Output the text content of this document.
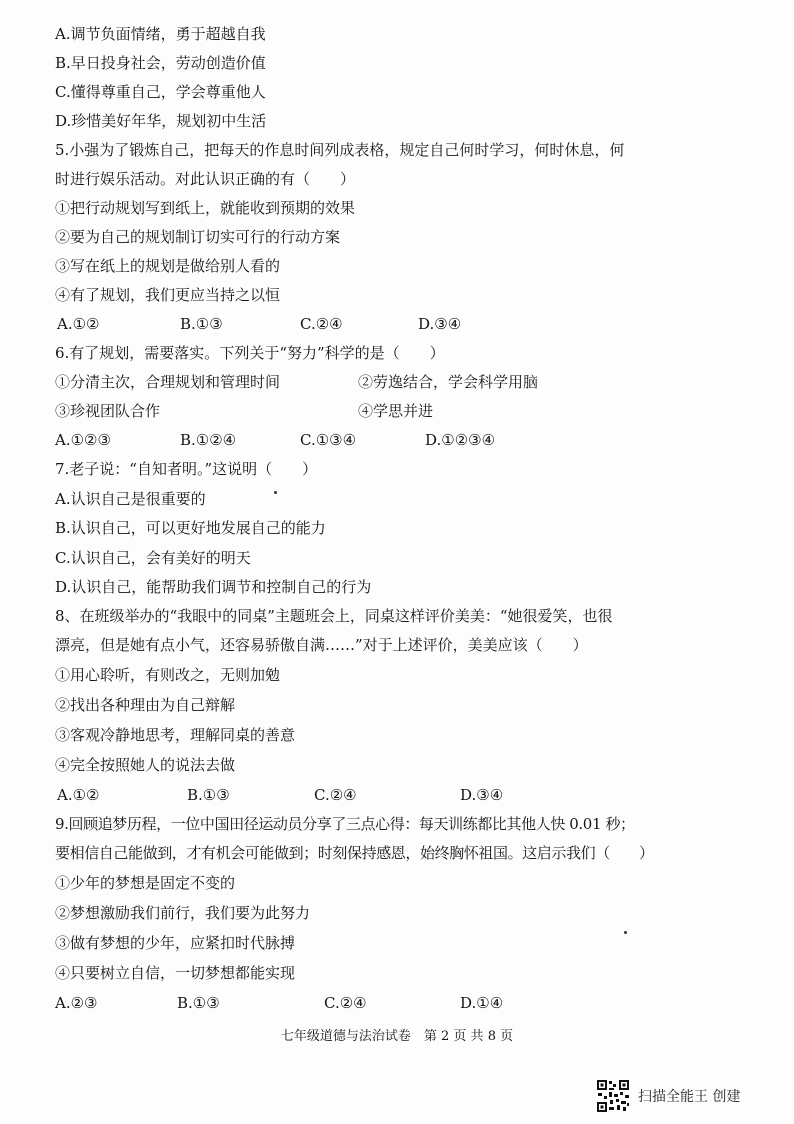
A.调节负面情绪，勇于超越自我
B.早日投身社会，劳动创造价值
C.懂得尊重自己，学会尊重他人
D.珍惜美好年华，规划初中生活
5.小强为了锻炼自己，把每天的作息时间列成表格，规定自己何时学习，何时休息，何
时进行娱乐活动。对此认识正确的有（　　）
①把行动规划写到纸上，就能收到预期的效果
②要为自己的规划制订切实可行的行动方案
③写在纸上的规划是做给别人看的
④有了规划，我们更应当持之以恒
A.①②	B.①③	C.②④	D.③④
6.有了规划，需要落实。下列关于“努力”科学的是（　　）
①分清主次，合理规划和管理时间	②劳逸结合，学会科学用脑
③珍视团队合作	④学思并进
A.①②③	B.①②④	C.①③④	D.①②③④
7.老子说：“自知者明。”这说明（　　）
A.认识自己是很重要的
B.认识自己，可以更好地发展自己的能力
C.认识自己，会有美好的明天
D.认识自己，能帮助我们调节和控制自己的行为
8、在班级举办的“我眼中的同桌”主题班会上，同桌这样评价美美：“她很爱笑，也很
漂亮，但是她有点小气，还容易骄傲自满……”对于上述评价，美美应该（　　）
①用心聆听，有则改之，无则加勉
②找出各种理由为自己辩解
③客观冷静地思考，理解同桌的善意
④完全按照她人的说法去做
A.①②	B.①③	C.②④	D.③④
9.回顾追梦历程，一位中国田径运动员分享了三点心得：每天训练都比其他人快 0.01 秒；
要相信自己能做到，才有机会可能做到；时刻保持感恩，始终胸怀祖国。这启示我们（　　）
①少年的梦想是固定不变的
②梦想激励我们前行，我们要为此努力
③做有梦想的少年，应紧扣时代脉搏
④只要树立自信，一切梦想都能实现
A.②③	B.①③	C.②④	D.①④
七年级道德与法治试卷　第 2 页 共 8 页
扫描全能王 创建
